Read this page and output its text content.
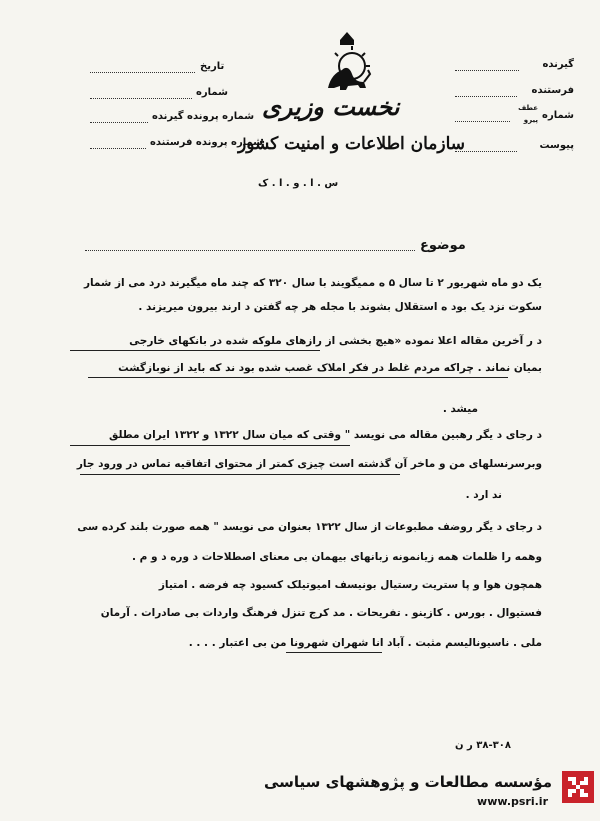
گیرنده
فرستنده
شماره
عطف
پیرو
پیوست
تاریخ
شماره
شماره پرونده گیرنده
شماره پرونده فرستنده
نخست وزیری
سازمان اطلاعات و امنیت کشور
س . ا . و . ا . ک
موضوع
یک دو ماه شهریور ۲ تا سال ۵ ه ممیگویند با سال ۳۲۰ که چند ماه میگیرند درد می از شمار
سکوت نزد یک بود ه استقلال بشوند با مجله هر چه گفتن د ارند بیرون میریزند .
د ر آخرین مقاله اعلا نموده «هیچ بخشی از رازهای ملوکه شده در بانکهای خارجی
بمیان نماند . چراکه مردم غلط در فکر املاک غصب شده بود ند که باید از نوبازگشت
میشد .
د رجای د یگر رهبین مقاله می نویسد " وقتی که میان سال ۱۳۲۲ و ۱۳۲۲ ایران مطلق
وبرسرنسلهای من و ماخر آن گذشته است چیزی کمتر از محتوای اتفاقیه تماس در ورود جار
ند ارد .
د رجای د یگر روضف مطبوعات از سال ۱۳۲۲ بعنوان می نویسد " همه صورت بلند کرده سی
وهمه را ظلمات همه زیانمونه زبانهای بیهمان بی معنای اصطلاحات د وره د و م .
همچون هوا و پا ستریت رستیال بونیسف امیوتیلک کسیود چه فرضه . امتیاز
فستیوال . بورس . کازینو . تفریحات . مد کرج تنزل فرهنگ واردات بی صادرات . آرمان
ملی . ناسیونالیسم مثبت . آباد انا شهران شهرونا من بی اعتبار . . . .
۳۸-۳۰۸ ر ن
مؤسسه مطالعات و پژوهشهای سیاسی
www.psri.ir
